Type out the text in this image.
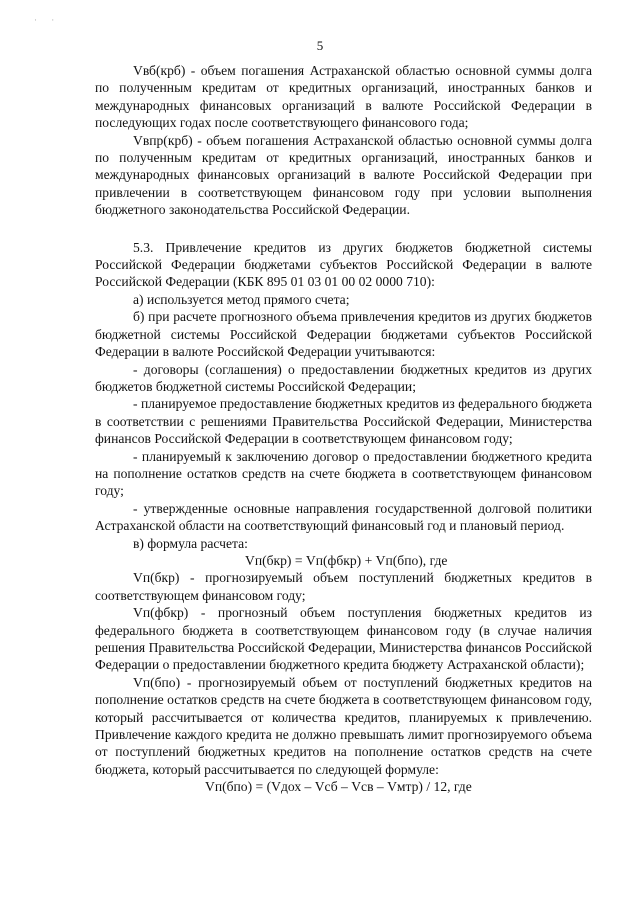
· ·
5

Vвб(крб) - объем погашения Астраханской областью основной суммы долга по полученным кредитам от кредитных организаций, иностранных банков и международных финансовых организаций в валюте Российской Федерации в последующих годах после соответствующего финансового года;

Vвпр(крб) - объем погашения Астраханской областью основной суммы долга по полученным кредитам от кредитных организаций, иностранных банков и международных финансовых организаций в валюте Российской Федерации при привлечении в соответствующем финансовом году при условии выполнения бюджетного законодательства Российской Федерации.

5.3. Привлечение кредитов из других бюджетов бюджетной системы Российской Федерации бюджетами субъектов Российской Федерации в валюте Российской Федерации (КБК 895 01 03 01 00 02 0000 710):

а) используется метод прямого счета;

б) при расчете прогнозного объема привлечения кредитов из других бюджетов бюджетной системы Российской Федерации бюджетами субъектов Российской Федерации в валюте Российской Федерации учитываются:

- договоры (соглашения) о предоставлении бюджетных кредитов из других бюджетов бюджетной системы Российской Федерации;

- планируемое предоставление бюджетных кредитов из федерального бюджета в соответствии с решениями Правительства Российской Федерации, Министерства финансов Российской Федерации в соответствующем финансовом году;

- планируемый к заключению договор о предоставлении бюджетного кредита на пополнение остатков средств на счете бюджета в соответствующем финансовом году;

- утвержденные основные направления государственной долговой политики Астраханской области на соответствующий финансовый год и плановый период.

в) формула расчета:

Vп(бкр) = Vп(фбкр) + Vп(бпо), где

Vп(бкр) - прогнозируемый объем поступлений бюджетных кредитов в соответствующем финансовом году;

Vп(фбкр) - прогнозный объем поступления бюджетных кредитов из федерального бюджета в соответствующем финансовом году (в случае наличия решения Правительства Российской Федерации, Министерства финансов Российской Федерации о предоставлении бюджетного кредита бюджету Астраханской области);

Vп(бпо) - прогнозируемый объем от поступлений бюджетных кредитов на пополнение остатков средств на счете бюджета в соответствующем финансовом году, который рассчитывается от количества кредитов, планируемых к привлечению. Привлечение каждого кредита не должно превышать лимит прогнозируемого объема от поступлений бюджетных кредитов на пополнение остатков средств на счете бюджета, который рассчитывается по следующей формуле:

Vп(бпо) = (Vдох – Vсб – Vсв – Vмтр) / 12, где
